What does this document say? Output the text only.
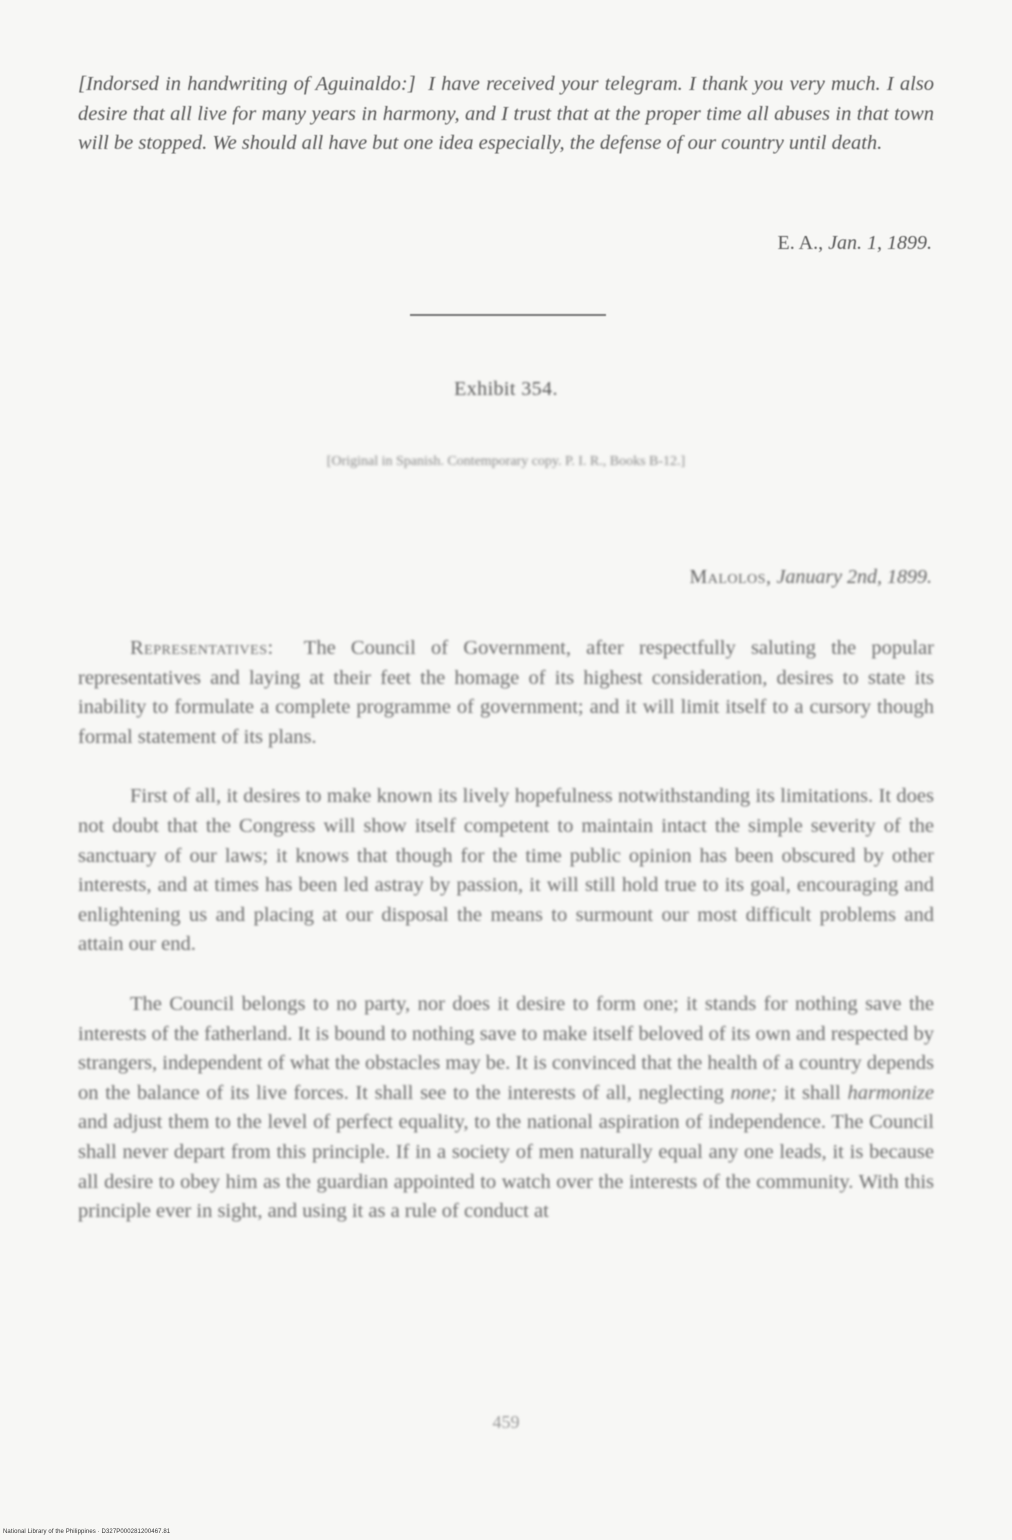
[Indorsed in handwriting of Aguinaldo:] I have received your telegram. I thank you very much. I also desire that all live for many years in harmony, and I trust that at the proper time all abuses in that town will be stopped. We should all have but one idea especially, the defense of our country until death.
E. A., Jan. 1, 1899.
Exhibit 354.
[Original in Spanish. Contemporary copy. P. I. R., Books B-12.]
Malolos, January 2nd, 1899.

Representatives: The Council of Government, after respectfully saluting the popular representatives and laying at their feet the homage of its highest consideration, desires to state its inability to formulate a complete programme of government; and it will limit itself to a cursory though formal statement of its plans.

First of all, it desires to make known its lively hopefulness notwithstanding its limitations. It does not doubt that the Congress will show itself competent to maintain intact the simple severity of the sanctuary of our laws; it knows that though for the time public opinion has been obscured by other interests, and at times has been led astray by passion, it will still hold true to its goal, encouraging and enlightening us and placing at our disposal the means to surmount our most difficult problems and attain our end.

The Council belongs to no party, nor does it desire to form one; it stands for nothing save the interests of the fatherland. It is bound to nothing save to make itself beloved of its own and respected by strangers, independent of what the obstacles may be. It is convinced that the health of a country depends on the balance of its live forces. It shall see to the interests of all, neglecting none; it shall harmonize and adjust them to the level of perfect equality, to the national aspiration of independence. The Council shall never depart from this principle. If in a society of men naturally equal any one leads, it is because all desire to obey him as the guardian appointed to watch over the interests of the community. With this principle ever in sight, and using it as a rule of conduct at

459
National Library of the Philippines · D327P000281200467.81
